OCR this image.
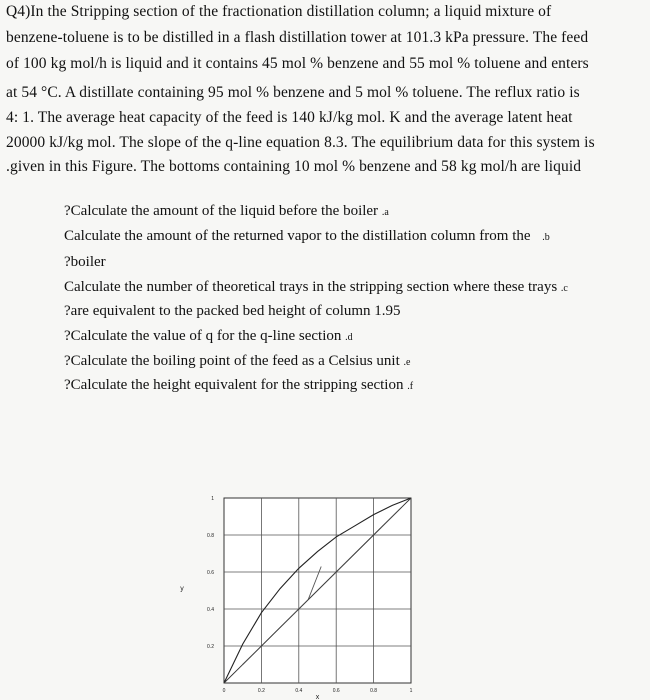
Q4)In the Stripping section of the fractionation distillation column; a liquid mixture of
benzene-toluene is to be distilled in a flash distillation tower at 101.3 kPa pressure. The feed
of 100 kg mol/h is liquid and it contains 45 mol % benzene and 55 mol % toluene and enters
at 54 °C. A distillate containing 95 mol % benzene and 5 mol % toluene. The reflux ratio is
4: 1. The average heat capacity of the feed is 140 kJ/kg mol. K and the average latent heat
20000 kJ/kg mol. The slope of the q-line equation 8.3. The equilibrium data for this system is
.given in this Figure. The bottoms containing 10 mol % benzene and 58 kg mol/h are liquid
?Calculate the amount of the liquid before the boiler .a
Calculate the amount of the returned vapor to the distillation column from the .b
?boiler
Calculate the number of theoretical trays in the stripping section where these trays .c
?are equivalent to the packed bed height of column 1.95
?Calculate the value of q for the q-line section .d
?Calculate the boiling point of the feed as a Celsius unit .e
?Calculate the height equivalent for the stripping section .f
0	0.2	0.4	0.6	0.8	1
0.2
0.4
0.6
0.8
1
x
y
